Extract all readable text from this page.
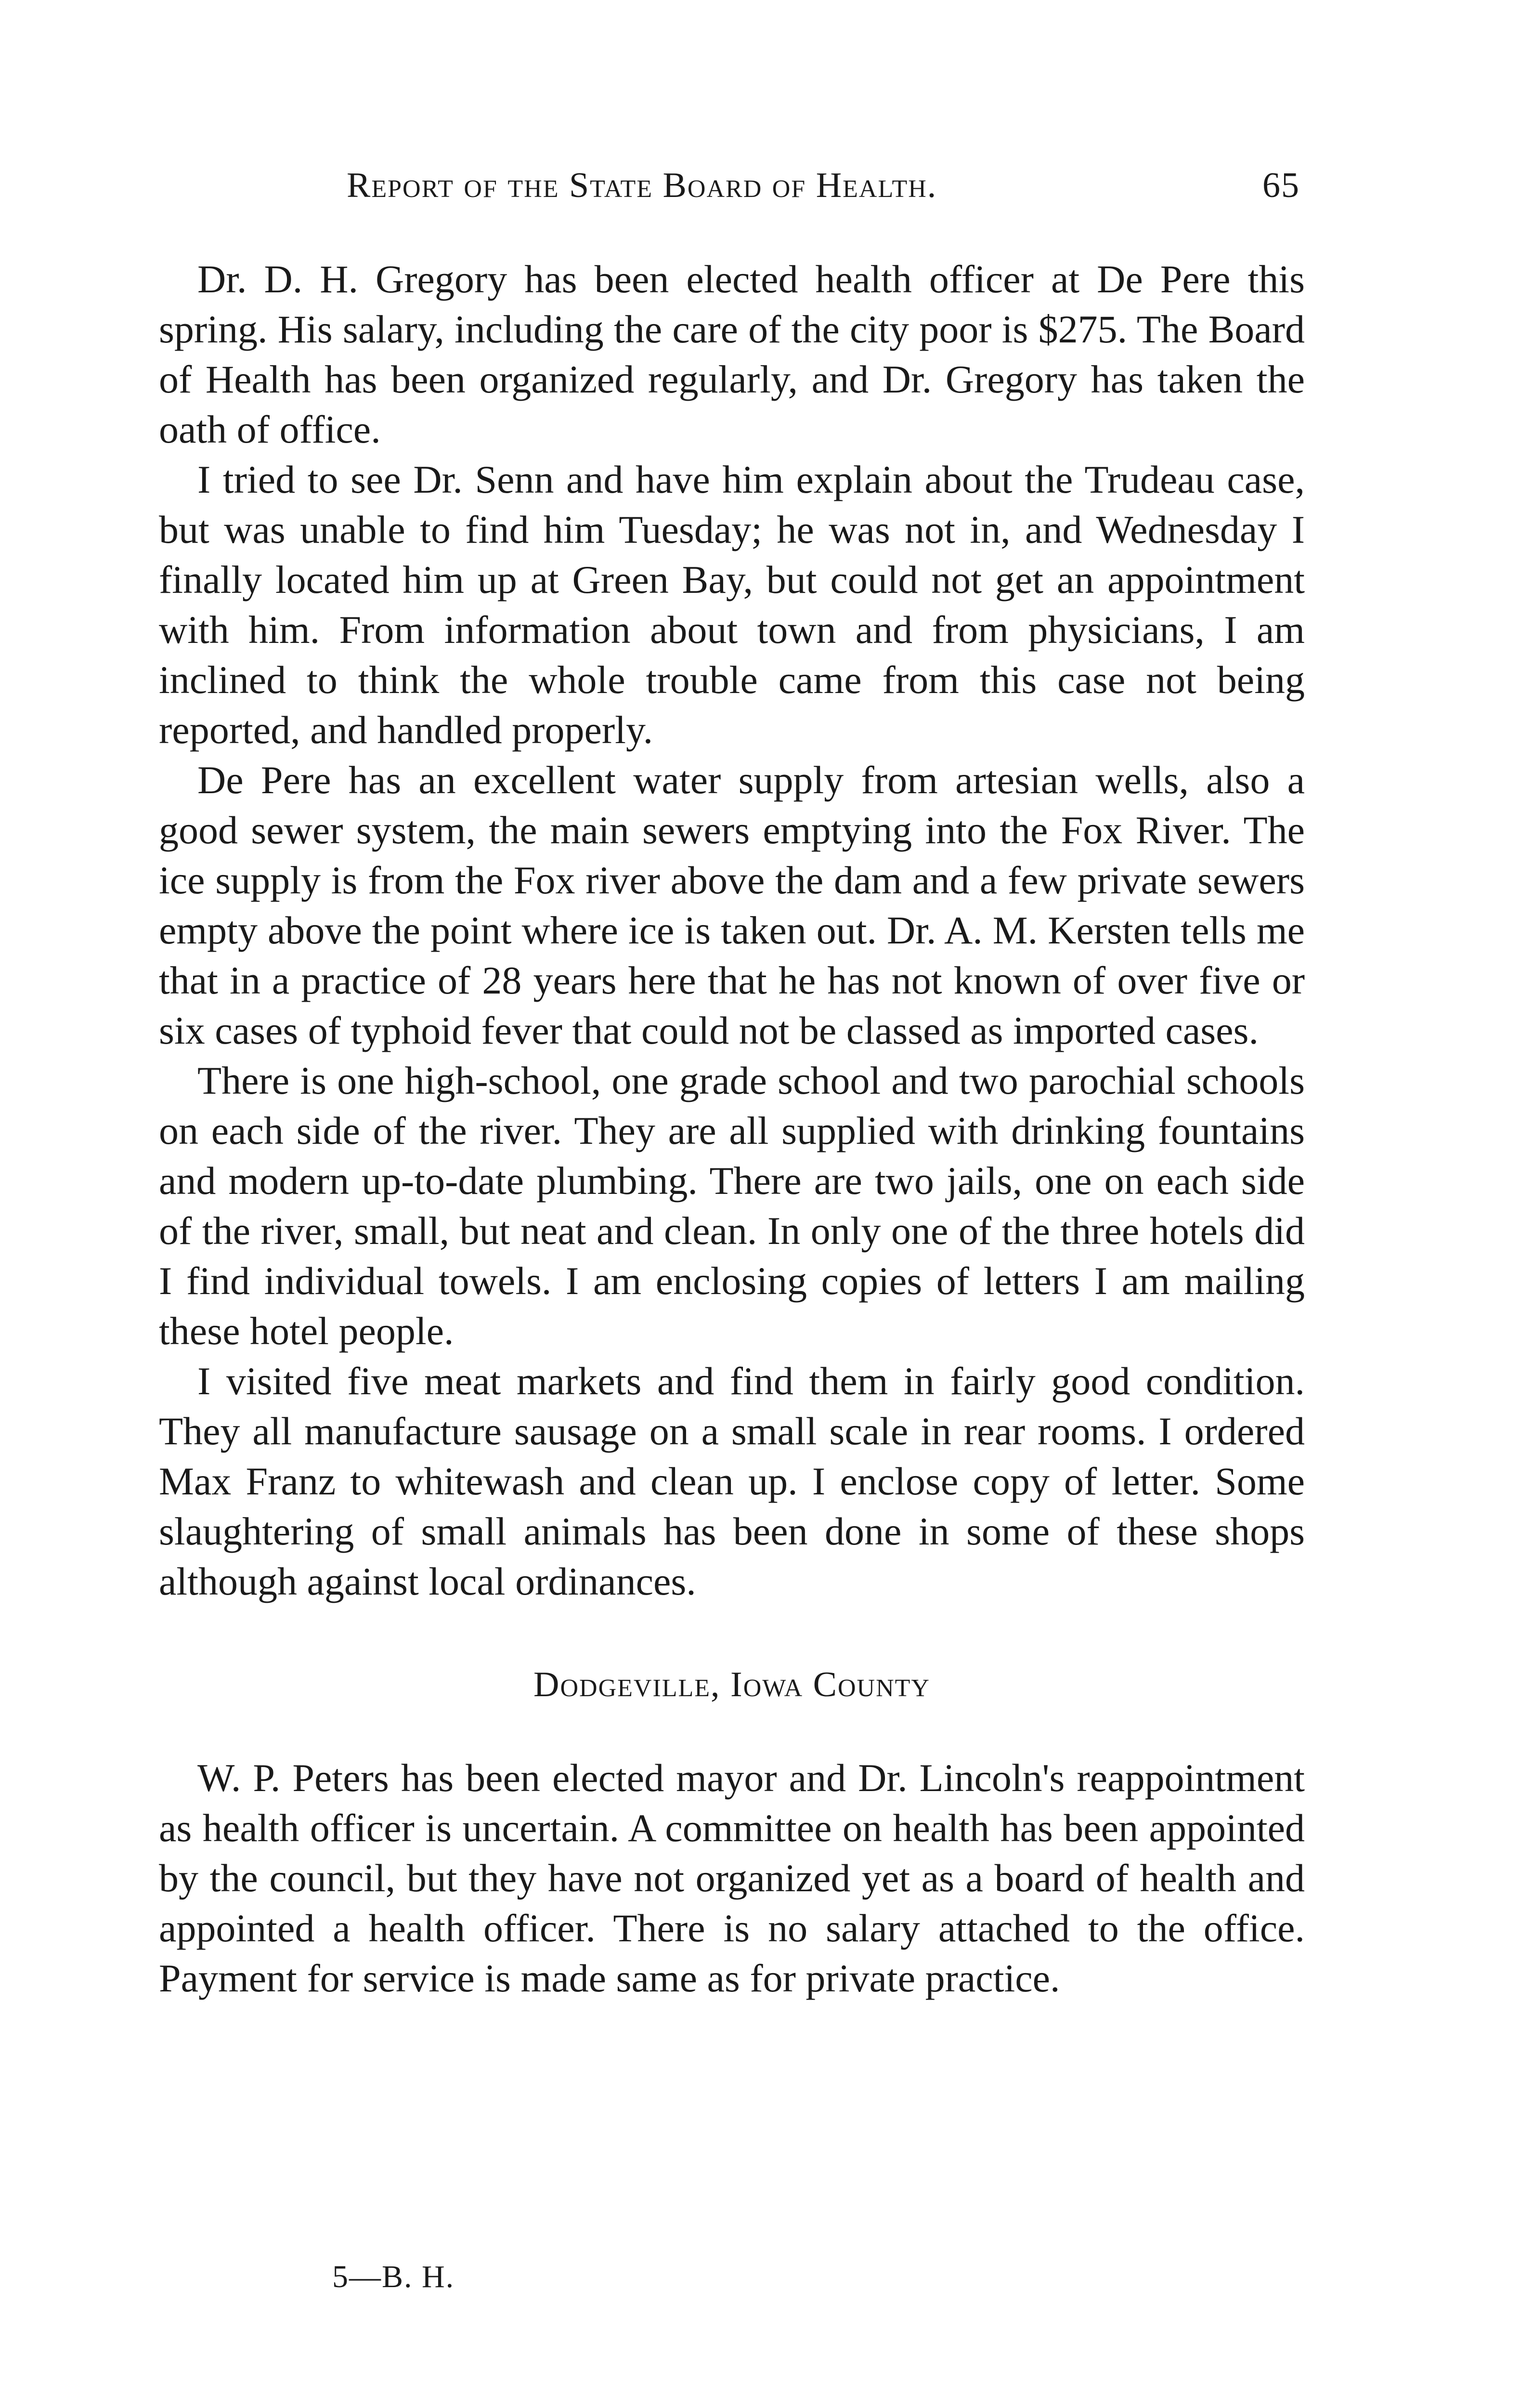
Report of the State Board of Health.	65

Dr. D. H. Gregory has been elected health officer at De Pere this spring. His salary, including the care of the city poor is $275. The Board of Health has been organized regularly, and Dr. Gregory has taken the oath of office.

I tried to see Dr. Senn and have him explain about the Trudeau case, but was unable to find him Tuesday; he was not in, and Wednesday I finally located him up at Green Bay, but could not get an appointment with him. From information about town and from physicians, I am inclined to think the whole trouble came from this case not being reported, and handled properly.

De Pere has an excellent water supply from artesian wells, also a good sewer system, the main sewers emptying into the Fox River. The ice supply is from the Fox river above the dam and a few private sewers empty above the point where ice is taken out. Dr. A. M. Kersten tells me that in a practice of 28 years here that he has not known of over five or six cases of typhoid fever that could not be classed as imported cases.

There is one high-school, one grade school and two parochial schools on each side of the river. They are all supplied with drinking fountains and modern up-to-date plumbing. There are two jails, one on each side of the river, small, but neat and clean. In only one of the three hotels did I find individual towels. I am enclosing copies of letters I am mailing these hotel people.

I visited five meat markets and find them in fairly good condition. They all manufacture sausage on a small scale in rear rooms. I ordered Max Franz to whitewash and clean up. I enclose copy of letter. Some slaughtering of small animals has been done in some of these shops although against local ordinances.

Dodgeville, Iowa County

W. P. Peters has been elected mayor and Dr. Lincoln's reappointment as health officer is uncertain. A committee on health has been appointed by the council, but they have not organized yet as a board of health and appointed a health officer. There is no salary attached to the office. Payment for service is made same as for private practice.

5—B. H.
